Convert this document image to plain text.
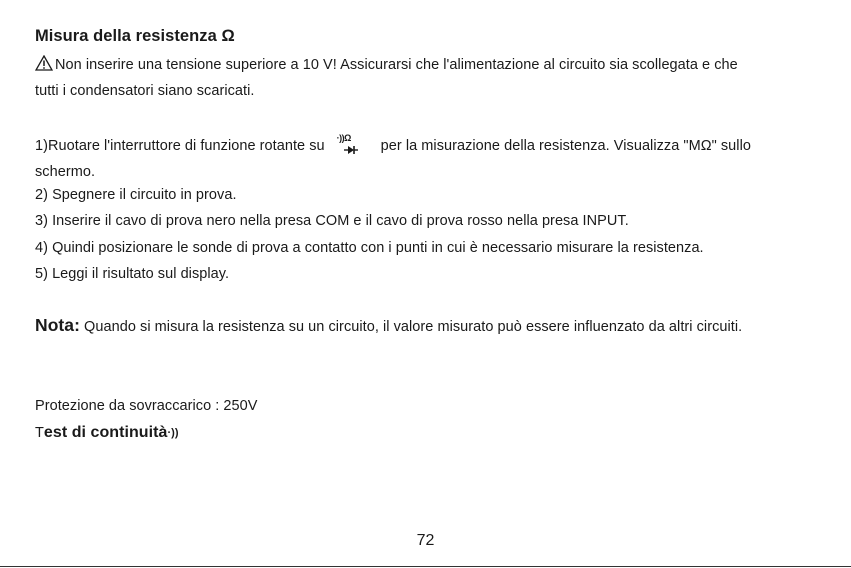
Misura della resistenza Ω
Non inserire una tensione superiore a 10 V! Assicurarsi che l'alimentazione al circuito sia scollegata e che
tutti i condensatori siano scaricati.
1)Ruotare l'interruttore di funzione rotante su ·))Ω per la misurazione della resistenza. Visualizza "MΩ" sullo
schermo.
2) Spegnere il circuito in prova.
3) Inserire il cavo di prova nero nella presa COM e il cavo di prova rosso nella presa INPUT.
4) Quindi posizionare le sonde di prova a contatto con i punti in cui è necessario misurare la resistenza.
5) Leggi il risultato sul display.
Nota: Quando si misura la resistenza su un circuito, il valore misurato può essere influenzato da altri circuiti.
Protezione da sovraccarico : 250V
Test di continuità·))
72
